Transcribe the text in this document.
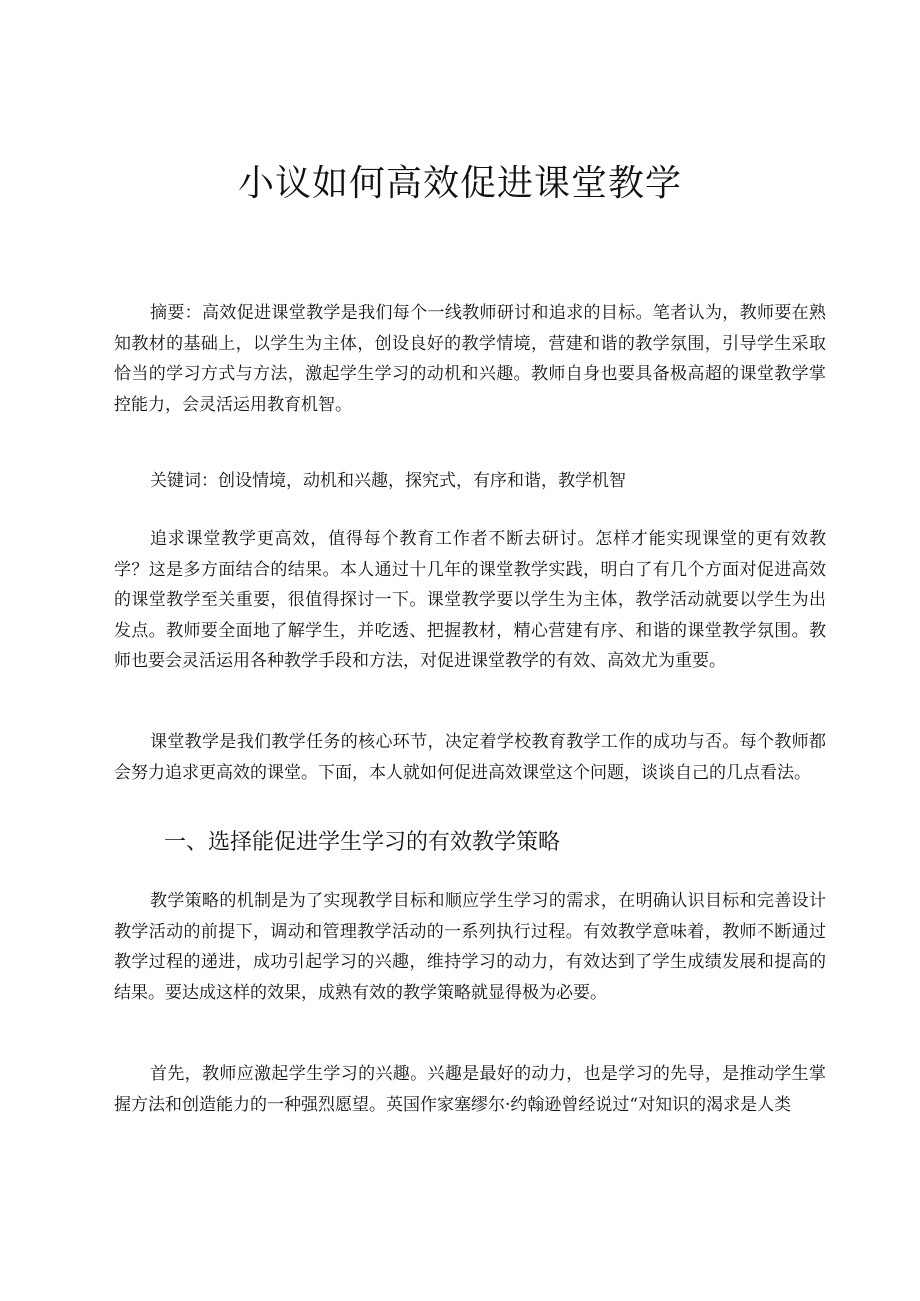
小议如何高效促进课堂教学

摘要：高效促进课堂教学是我们每个一线教师研讨和追求的目标。笔者认为，教师要在熟知教材的基础上，以学生为主体，创设良好的教学情境，营建和谐的教学氛围，引导学生采取恰当的学习方式与方法，激起学生学习的动机和兴趣。教师自身也要具备极高超的课堂教学掌控能力，会灵活运用教育机智。

关键词：创设情境，动机和兴趣，探究式，有序和谐，教学机智

追求课堂教学更高效，值得每个教育工作者不断去研讨。怎样才能实现课堂的更有效教学？这是多方面结合的结果。本人通过十几年的课堂教学实践，明白了有几个方面对促进高效的课堂教学至关重要，很值得探讨一下。课堂教学要以学生为主体，教学活动就要以学生为出发点。教师要全面地了解学生，并吃透、把握教材，精心营建有序、和谐的课堂教学氛围。教师也要会灵活运用各种教学手段和方法，对促进课堂教学的有效、高效尤为重要。

课堂教学是我们教学任务的核心环节，决定着学校教育教学工作的成功与否。每个教师都会努力追求更高效的课堂。下面，本人就如何促进高效课堂这个问题，谈谈自己的几点看法。

一、选择能促进学生学习的有效教学策略

教学策略的机制是为了实现教学目标和顺应学生学习的需求，在明确认识目标和完善设计教学活动的前提下，调动和管理教学活动的一系列执行过程。有效教学意味着，教师不断通过教学过程的递进，成功引起学习的兴趣，维持学习的动力，有效达到了学生成绩发展和提高的结果。要达成这样的效果，成熟有效的教学策略就显得极为必要。

首先，教师应激起学生学习的兴趣。兴趣是最好的动力，也是学习的先导，是推动学生掌握方法和创造能力的一种强烈愿望。英国作家塞缪尔·约翰逊曾经说过“对知识的渴求是人类
